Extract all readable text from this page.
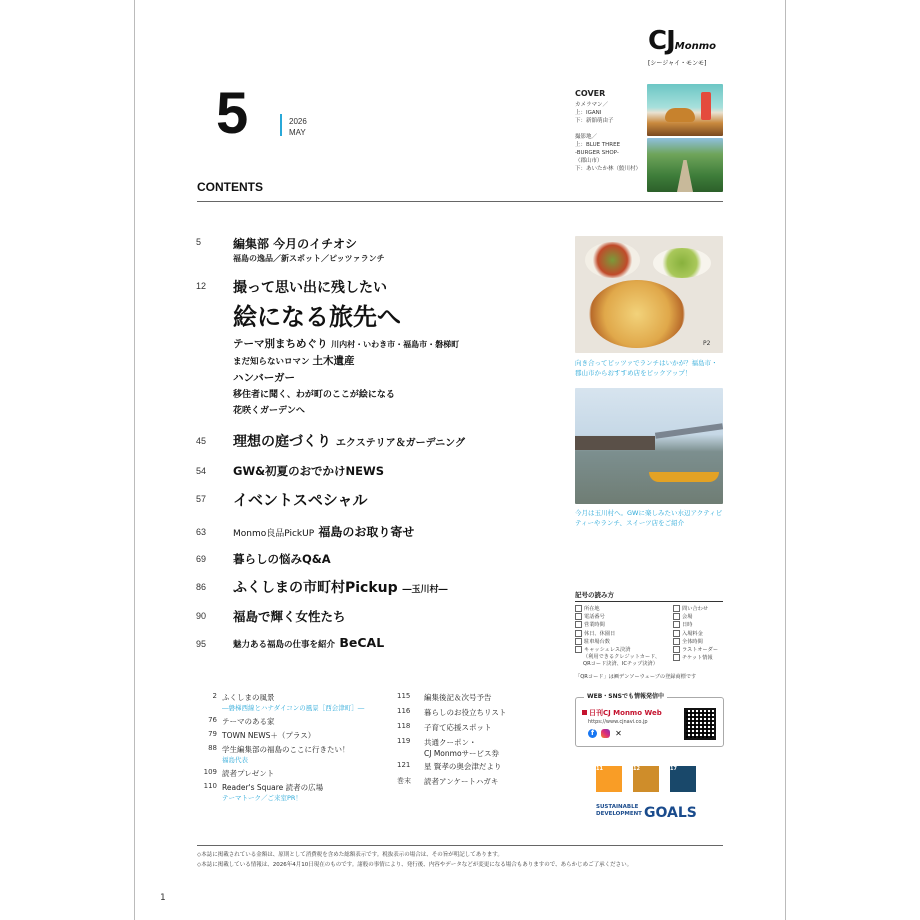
CJMonmo
[シージャイ・モンモ]
5	2026
MAY
CONTENTS
COVER
カメラマン／
上：IGANI
下：新舘萌由子
撮影地／
上：BLUE THREE
-BURGER SHOP-
（郡山市）
下：あいたか林（鮫川村）
5	編集部 今月のイチオシ
福島の逸品／新スポット／ピッツァランチ
12	撮って思い出に残したい
絵になる旅先へ
テーマ別まちめぐり 川内村・いわき市・福島市・磐梯町
まだ知らないロマン 土木遺産
ハンバーガー
移住者に聞く、わが町のここが絵になる
花咲くガーデンへ
45	理想の庭づくり エクステリア＆ガーデニング
54	GW&初夏のおでかけNEWS
57	イベントスペシャル
63	Monmo良品PickUP 福島のお取り寄せ
69	暮らしの悩みQ&A
86	ふくしまの市町村Pickup ―玉川村―
90	福島で輝く女性たち
95	魅力ある福島の仕事を紹介 BeCAL
P2
向き合ってピッツァでランチはいかが？福島市・郡山市からおすすめ店をピックアップ！
今月は玉川村へ。GWに楽しみたい水辺アクティビティーやランチ、スイーツ店をご紹介
記号の読み方
所在地
電話番号
営業時間
休日、休園日
駐車場台数
キャッシュレス決済
（利用できるクレジットカード、
QRコード決済、ICチップ決済）
問い合わせ
会場
日時
入場料金
全体時間
ラストオーダー
チケット情報
「QRコード」は㈱デンソーウェーブの登録商標です
WEB・SNSでも情報発信中
日刊CJ Monmo Web
https://www.cjnavi.co.jp
f	✕
11	12	17
SUSTAINABLE
DEVELOPMENT GOALS
2 ふくしまの風景
―磐梯西線とハナダイコンの風景［西会津町］―
76 テーマのある家
79 TOWN NEWS＋（プラス）
88 学生編集部の福島のここに行きたい！
福島代表
109 読者プレゼント
110 Reader's Square 読者の広場
テーマトーク／ご来室PR！
115	編集後記＆次号予告
116	暮らしのお役立ちリスト
118	子育て応援スポット
119	共通クーポン・
CJ Monmoサービス券
121	星 賢孝の奥会津だより
巻末	読者アンケートハガキ
◇本誌に掲載されている金額は、原則として消費税を含めた総額表示です。税抜表示の場合は、その旨が明記してあります。
◇本誌に掲載している情報は、2026年4月10日現在のものです。諸般の事情により、発行後、内容やデータなどが変更になる場合もありますので、あらかじめご了承ください。
1
